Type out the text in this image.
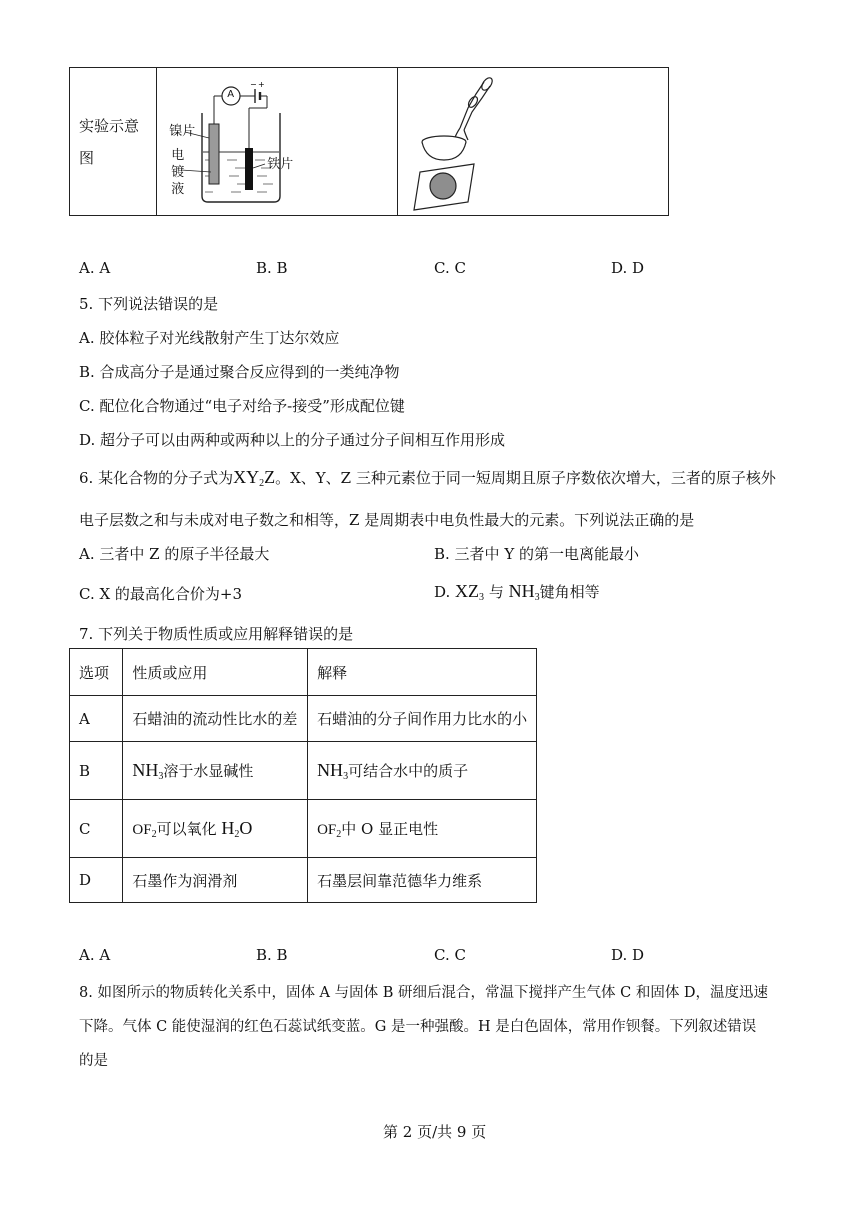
实验示意图

− +
A
镍片
电
镀
液
铁片

A. A	B. B	C. C	D. D
5. 下列说法错误的是
A. 胶体粒子对光线散射产生丁达尔效应
B. 合成高分子是通过聚合反应得到的一类纯净物
C. 配位化合物通过“电子对给予-接受”形成配位键
D. 超分子可以由两种或两种以上的分子通过分子间相互作用形成
6. 某化合物的分子式为XY2Z。X、Y、Z 三种元素位于同一短周期且原子序数依次增大，三者的原子核外
电子层数之和与未成对电子数之和相等，Z 是周期表中电负性最大的元素。下列说法正确的是
A. 三者中 Z 的原子半径最大	B. 三者中 Y 的第一电离能最小
C. X 的最高化合价为+3	D. XZ3 与 NH3键角相等
7. 下列关于物质性质或应用解释错误的是
选项	性质或应用	解释
A	石蜡油的流动性比水的差	石蜡油的分子间作用力比水的小
B	NH3溶于水显碱性	NH3可结合水中的质子
C	$OF_2$可以氧化 H2O	$OF_2$中 O 显正电性
D	石墨作为润滑剂	石墨层间靠范德华力维系
A. A	B. B	C. C	D. D
8. 如图所示的物质转化关系中，固体 A 与固体 B 研细后混合，常温下搅拌产生气体 C 和固体 D，温度迅速
下降。气体 C 能使湿润的红色石蕊试纸变蓝。G 是一种强酸。H 是白色固体，常用作钡餐。下列叙述错误
的是
第 2 页/共 9 页
